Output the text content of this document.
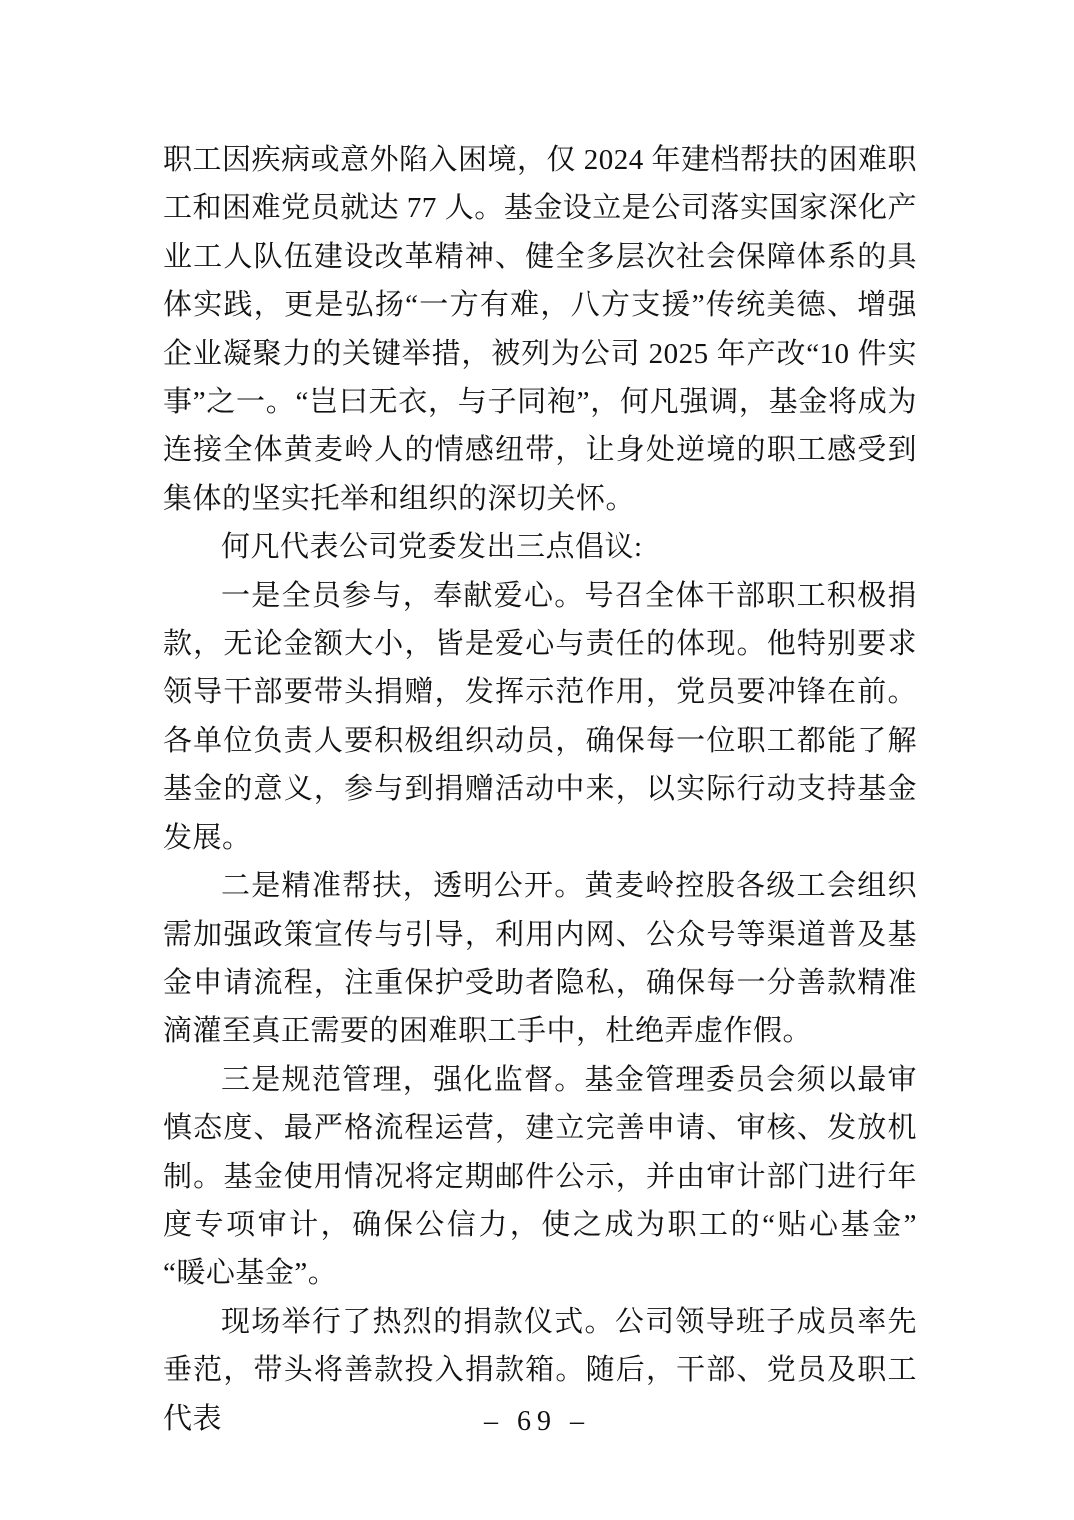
职工因疾病或意外陷入困境，仅 2024 年建档帮扶的困难职工和困难党员就达 77 人。基金设立是公司落实国家深化产业工人队伍建设改革精神、健全多层次社会保障体系的具体实践，更是弘扬“一方有难，八方支援”传统美德、增强企业凝聚力的关键举措，被列为公司 2025 年产改“10 件实事”之一。“岂曰无衣，与子同袍”，何凡强调，基金将成为连接全体黄麦岭人的情感纽带，让身处逆境的职工感受到集体的坚实托举和组织的深切关怀。

何凡代表公司党委发出三点倡议:

一是全员参与，奉献爱心。号召全体干部职工积极捐款，无论金额大小，皆是爱心与责任的体现。他特别要求领导干部要带头捐赠，发挥示范作用，党员要冲锋在前。各单位负责人要积极组织动员，确保每一位职工都能了解基金的意义，参与到捐赠活动中来，以实际行动支持基金发展。

二是精准帮扶，透明公开。黄麦岭控股各级工会组织需加强政策宣传与引导，利用内网、公众号等渠道普及基金申请流程，注重保护受助者隐私，确保每一分善款精准滴灌至真正需要的困难职工手中，杜绝弄虚作假。

三是规范管理，强化监督。基金管理委员会须以最审慎态度、最严格流程运营，建立完善申请、审核、发放机制。基金使用情况将定期邮件公示，并由审计部门进行年度专项审计，确保公信力，使之成为职工的“贴心基金” “暖心基金”。

现场举行了热烈的捐款仪式。公司领导班子成员率先垂范，带头将善款投入捐款箱。随后，干部、党员及职工代表	– 69 –
